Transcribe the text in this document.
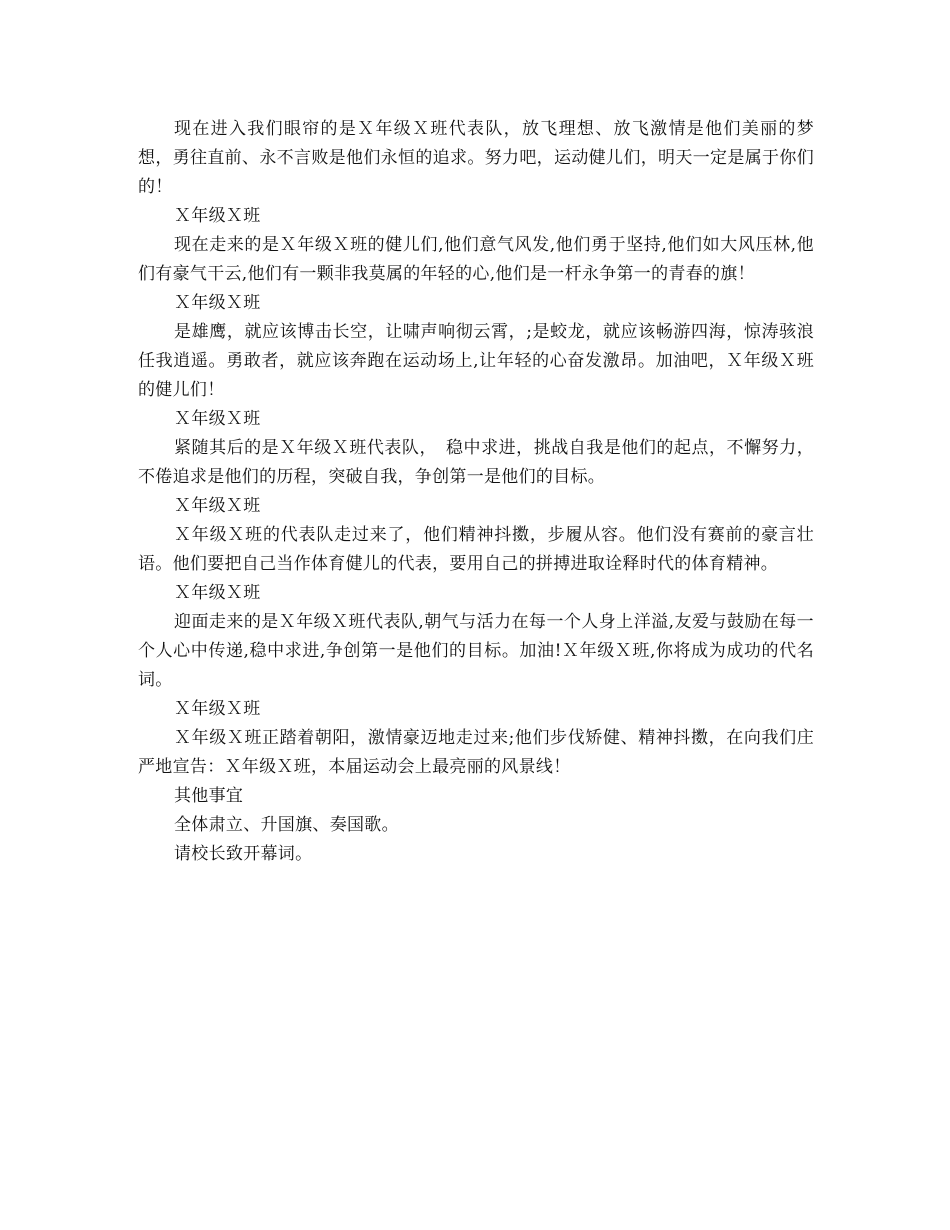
现在进入我们眼帘的是Ｘ年级Ｘ班代表队，放飞理想、放飞激情是他们美丽的梦想，勇往直前、永不言败是他们永恒的追求。努力吧，运动健儿们，明天一定是属于你们的！

Ｘ年级Ｘ班

现在走来的是Ｘ年级Ｘ班的健儿们,他们意气风发,他们勇于坚持,他们如大风压林,他们有豪气干云,他们有一颗非我莫属的年轻的心,他们是一杆永争第一的青春的旗！

Ｘ年级Ｘ班

是雄鹰，就应该博击长空，让啸声响彻云霄，;是蛟龙，就应该畅游四海，惊涛骇浪任我逍遥。勇敢者，就应该奔跑在运动场上,让年轻的心奋发激昂。加油吧，Ｘ年级Ｘ班的健儿们！

Ｘ年级Ｘ班

紧随其后的是Ｘ年级Ｘ班代表队，　稳中求进，挑战自我是他们的起点，不懈努力，不倦追求是他们的历程，突破自我，争创第一是他们的目标。

Ｘ年级Ｘ班

Ｘ年级Ｘ班的代表队走过来了，他们精神抖擞，步履从容。他们没有赛前的豪言壮语。他们要把自己当作体育健儿的代表，要用自己的拼搏进取诠释时代的体育精神。

Ｘ年级Ｘ班

迎面走来的是Ｘ年级Ｘ班代表队,朝气与活力在每一个人身上洋溢,友爱与鼓励在每一个人心中传递,稳中求进,争创第一是他们的目标。加油!Ｘ年级Ｘ班,你将成为成功的代名词。

Ｘ年级Ｘ班

Ｘ年级Ｘ班正踏着朝阳，激情豪迈地走过来;他们步伐矫健、精神抖擞，在向我们庄严地宣告：Ｘ年级Ｘ班，本届运动会上最亮丽的风景线！

其他事宜

全体肃立、升国旗、奏国歌。

请校长致开幕词。
